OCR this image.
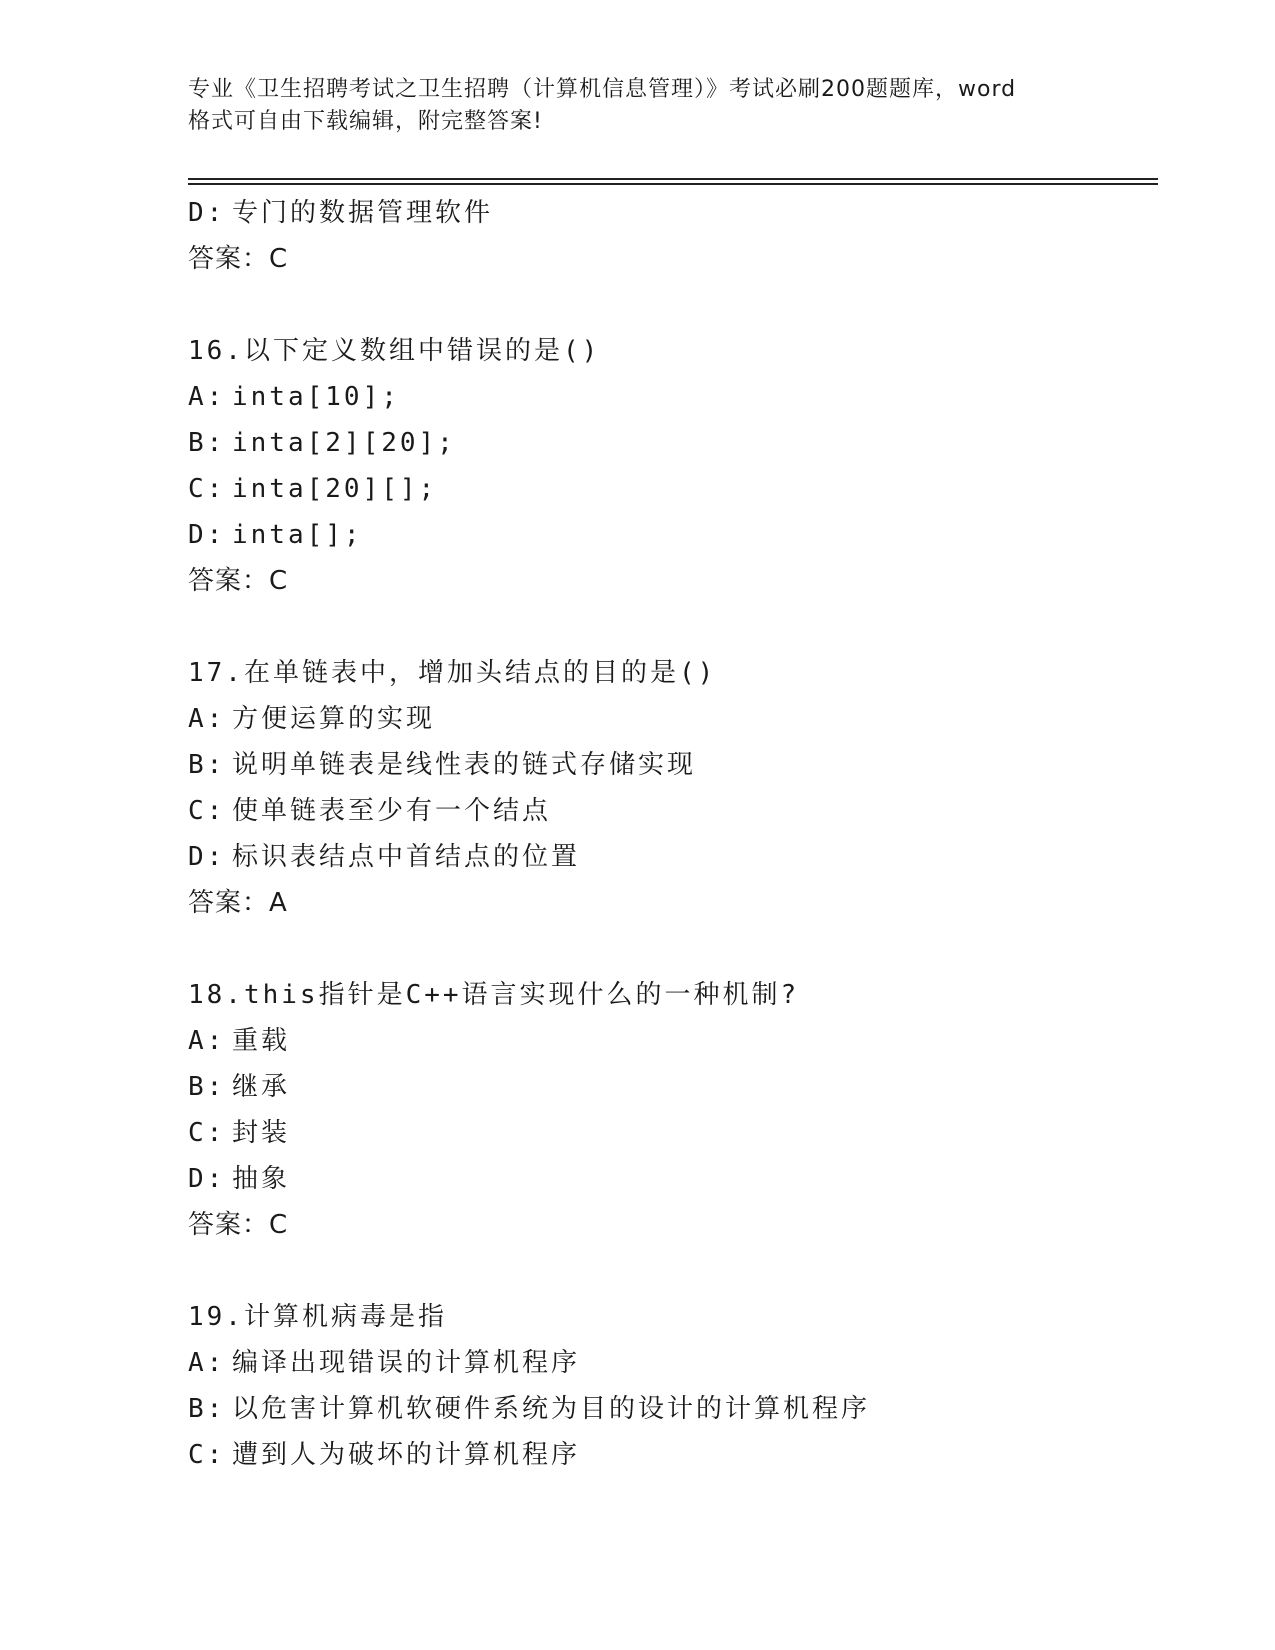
专业《卫生招聘考试之卫生招聘（计算机信息管理）》考试必刷200题题库，word
格式可自由下载编辑，附完整答案!
D: 专门的数据管理软件
答案：C
16.以下定义数组中错误的是()
A: inta[10];
B: inta[2][20];
C: inta[20][];
D: inta[];
答案：C
17.在单链表中，增加头结点的目的是()
A: 方便运算的实现
B: 说明单链表是线性表的链式存储实现
C: 使单链表至少有一个结点
D: 标识表结点中首结点的位置
答案：A
18.this指针是C++语言实现什么的一种机制?
A: 重载
B: 继承
C: 封装
D: 抽象
答案：C
19.计算机病毒是指
A: 编译出现错误的计算机程序
B: 以危害计算机软硬件系统为目的设计的计算机程序
C: 遭到人为破坏的计算机程序
